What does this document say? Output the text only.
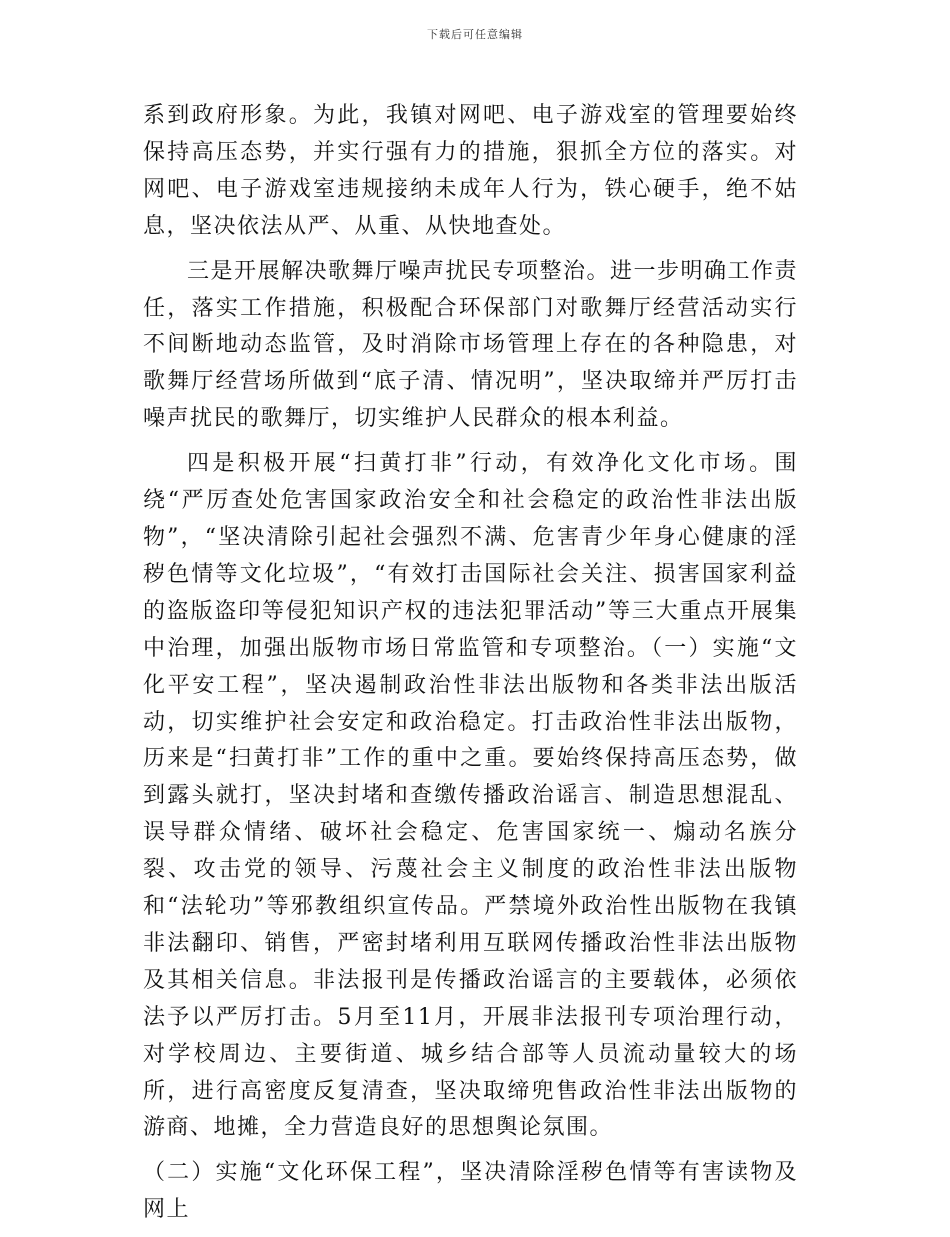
下载后可任意编辑

系到政府形象。为此，我镇对网吧、电子游戏室的管理要始终保持高压态势，并实行强有力的措施，狠抓全方位的落实。对网吧、电子游戏室违规接纳未成年人行为，铁心硬手，绝不姑息，坚决依法从严、从重、从快地查处。

三是开展解决歌舞厅噪声扰民专项整治。进一步明确工作责任，落实工作措施，积极配合环保部门对歌舞厅经营活动实行不间断地动态监管，及时消除市场管理上存在的各种隐患，对歌舞厅经营场所做到“底子清、情况明”，坚决取缔并严厉打击噪声扰民的歌舞厅，切实维护人民群众的根本利益。

四是积极开展“扫黄打非”行动，有效净化文化市场。围绕“严厉查处危害国家政治安全和社会稳定的政治性非法出版物”，“坚决清除引起社会强烈不满、危害青少年身心健康的淫秽色情等文化垃圾”，“有效打击国际社会关注、损害国家利益的盗版盗印等侵犯知识产权的违法犯罪活动”等三大重点开展集中治理，加强出版物市场日常监管和专项整治。（一）实施“文化平安工程”，坚决遏制政治性非法出版物和各类非法出版活动，切实维护社会安定和政治稳定。打击政治性非法出版物，历来是“扫黄打非”工作的重中之重。要始终保持高压态势，做到露头就打，坚决封堵和查缴传播政治谣言、制造思想混乱、误导群众情绪、破坏社会稳定、危害国家统一、煽动名族分裂、攻击党的领导、污蔑社会主义制度的政治性非法出版物和“法轮功”等邪教组织宣传品。严禁境外政治性出版物在我镇非法翻印、销售，严密封堵利用互联网传播政治性非法出版物及其相关信息。非法报刊是传播政治谣言的主要载体，必须依法予以严厉打击。5月至11月，开展非法报刊专项治理行动，对学校周边、主要街道、城乡结合部等人员流动量较大的场所，进行高密度反复清查，坚决取缔兜售政治性非法出版物的游商、地摊，全力营造良好的思想舆论氛围。

（二）实施“文化环保工程”，坚决清除淫秽色情等有害读物及网上
